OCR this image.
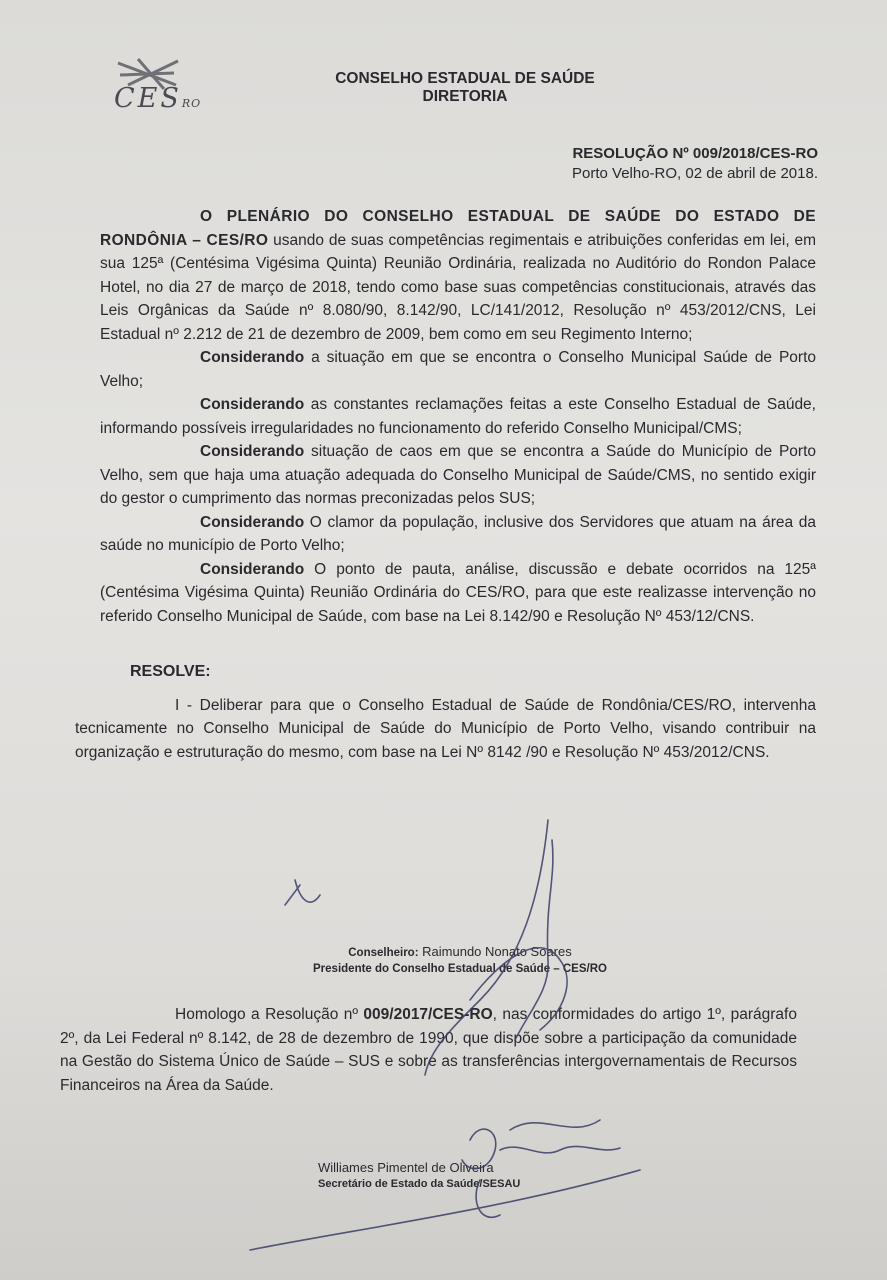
CESRO
CONSELHO ESTADUAL DE SAÚDE
DIRETORIA
RESOLUÇÃO Nº 009/2018/CES-RO
Porto Velho-RO, 02 de abril de 2018.

O PLENÁRIO DO CONSELHO ESTADUAL DE SAÚDE DO ESTADO DE RONDÔNIA – CES/RO usando de suas competências regimentais e atribuições conferidas em lei, em sua 125ª (Centésima Vigésima Quinta) Reunião Ordinária, realizada no Auditório do Rondon Palace Hotel, no dia 27 de março de 2018, tendo como base suas competências constitucionais, através das Leis Orgânicas da Saúde nº 8.080/90, 8.142/90, LC/141/2012, Resolução nº 453/2012/CNS, Lei Estadual nº 2.212 de 21 de dezembro de 2009, bem como em seu Regimento Interno;

Considerando a situação em que se encontra o Conselho Municipal Saúde de Porto Velho;

Considerando as constantes reclamações feitas a este Conselho Estadual de Saúde, informando possíveis irregularidades no funcionamento do referido Conselho Municipal/CMS;

Considerando situação de caos em que se encontra a Saúde do Município de Porto Velho, sem que haja uma atuação adequada do Conselho Municipal de Saúde/CMS, no sentido exigir do gestor o cumprimento das normas preconizadas pelos SUS;

Considerando O clamor da população, inclusive dos Servidores que atuam na área da saúde no município de Porto Velho;

Considerando O ponto de pauta, análise, discussão e debate ocorridos na 125ª (Centésima Vigésima Quinta) Reunião Ordinária do CES/RO, para que este realizasse intervenção no referido Conselho Municipal de Saúde, com base na Lei 8.142/90 e Resolução Nº 453/12/CNS.

RESOLVE:

I - Deliberar para que o Conselho Estadual de Saúde de Rondônia/CES/RO, intervenha tecnicamente no Conselho Municipal de Saúde do Município de Porto Velho, visando contribuir na organização e estruturação do mesmo, com base na Lei Nº 8142 /90 e Resolução Nº 453/2012/CNS.

Conselheiro: Raimundo Nonato Soares
Presidente do Conselho Estadual de Saúde – CES/RO

Homologo a Resolução nº 009/2017/CES-RO, nas conformidades do artigo 1º, parágrafo 2º, da Lei Federal nº 8.142, de 28 de dezembro de 1990, que dispõe sobre a participação da comunidade na Gestão do Sistema Único de Saúde – SUS e sobre as transferências intergovernamentais de Recursos Financeiros na Área da Saúde.

Williames Pimentel de Oliveira
Secretário de Estado da Saúde/SESAU
